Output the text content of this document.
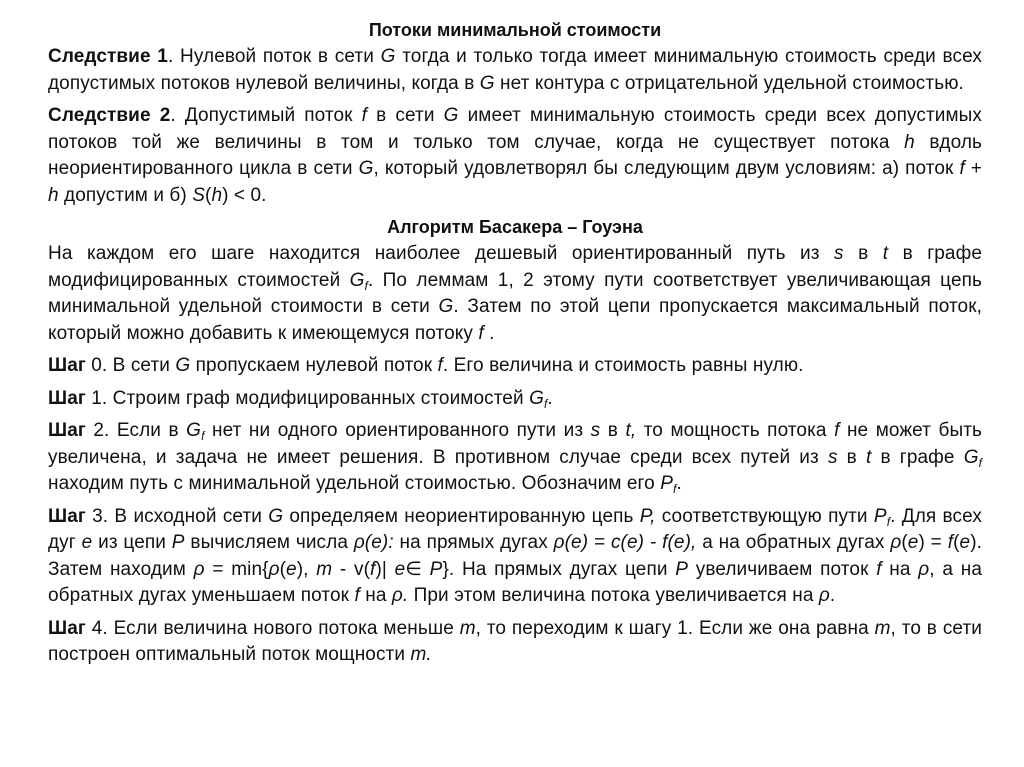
Потоки минимальной стоимости

Следствие 1. Нулевой поток в сети G тогда и только тогда имеет минимальную стоимость среди всех допустимых потоков нулевой величины, когда в G нет контура с отрицательной удельной стоимостью.

Следствие 2. Допустимый поток f в сети G имеет минимальную стоимость среди всех допустимых потоков той же величины в том и только том случае, когда не существует потока h вдоль неориентированного цикла в сети G, который удовлетворял бы следующим двум условиям: а) поток f + h допустим и б) S(h) < 0.

Алгоритм Басакера – Гоуэна

На каждом его шаге находится наиболее дешевый ориентированный путь из s в t в графе модифицированных стоимостей $G_f$. По леммам 1, 2 этому пути соответствует увеличивающая цепь минимальной удельной стоимости в сети G. Затем по этой цепи пропускается максимальный поток, который можно добавить к имеющемуся потоку f .

Шаг 0. В сети G пропускаем нулевой поток f. Его величина и стоимость равны нулю.

Шаг 1. Строим граф модифицированных стоимостей $G_f$.

Шаг 2. Если в $G_f$ нет ни одного ориентированного пути из s в t, то мощность потока f не может быть увеличена, и задача не имеет решения. В противном случае среди всех путей из s в t в графе $G_f$ находим путь с минимальной удельной стоимостью. Обозначим его $P_f$.

Шаг 3. В исходной сети G определяем неориентированную цепь P, соответствующую пути $P_f$. Для всех дуг e из цепи P вычисляем числа ρ(e): на прямых дугах ρ(e) = c(e) - f(e), а на обратных дугах ρ(e) = f(e). Затем находим ρ = min{ρ(e), m - v(f)| e∈ P}. На прямых дугах цепи P увеличиваем поток f на ρ, а на обратных дугах уменьшаем поток f на ρ. При этом величина потока увеличивается на ρ.

Шаг 4. Если величина нового потока меньше m, то переходим к шагу 1. Если же она равна m, то в сети построен оптимальный поток мощности m.
